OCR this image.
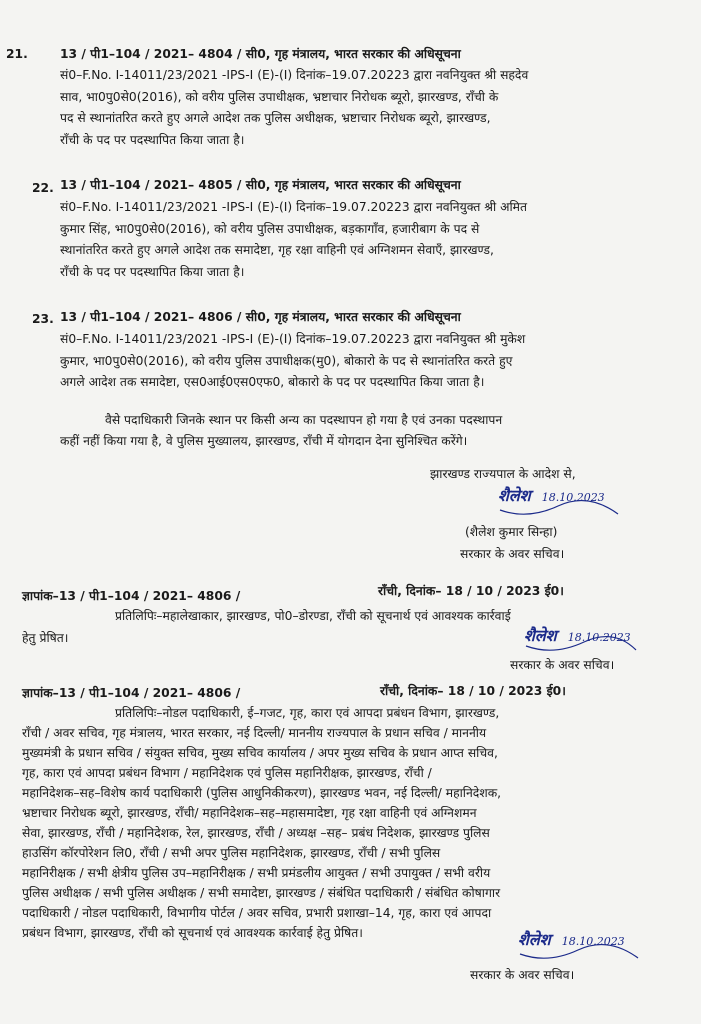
21.	13 / पी1–104 / 2021– 4804 / सी0, गृह मंत्रालय, भारत सरकार की अधिसूचना
सं0–F.No. I-14011/23/2021 -IPS-I (E)-(I) दिनांक–19.07.20223 द्वारा नवनियुक्त श्री सहदेव
साव, भा0पु0से0(2016), को वरीय पुलिस उपाधीक्षक, भ्रष्टाचार निरोधक ब्यूरो, झारखण्ड, राँची के
पद से स्थानांतरित करते हुए अगले आदेश तक पुलिस अधीक्षक, भ्रष्टाचार निरोधक ब्यूरो, झारखण्ड,
राँची के पद पर पदस्थापित किया जाता है।
22. 13 / पी1–104 / 2021– 4805 / सी0, गृह मंत्रालय, भारत सरकार की अधिसूचना
सं0–F.No. I-14011/23/2021 -IPS-I (E)-(I) दिनांक–19.07.20223 द्वारा नवनियुक्त श्री अमित
कुमार सिंह, भा0पु0से0(2016), को वरीय पुलिस उपाधीक्षक, बड़कागाँव, हजारीबाग के पद से
स्थानांतरित करते हुए अगले आदेश तक समादेष्टा, गृह रक्षा वाहिनी एवं अग्निशमन सेवाएँ, झारखण्ड,
राँची के पद पर पदस्थापित किया जाता है।
23. 13 / पी1–104 / 2021– 4806 / सी0, गृह मंत्रालय, भारत सरकार की अधिसूचना
सं0–F.No. I-14011/23/2021 -IPS-I (E)-(I) दिनांक–19.07.20223 द्वारा नवनियुक्त श्री मुकेश
कुमार, भा0पु0से0(2016), को वरीय पुलिस उपाधीक्षक(मु0), बोकारो के पद से स्थानांतरित करते हुए
अगले आदेश तक समादेष्टा, एस0आई0एस0एफ0, बोकारो के पद पर पदस्थापित किया जाता है।
वैसे पदाधिकारी जिनके स्थान पर किसी अन्य का पदस्थापन हो गया है एवं उनका पदस्थापन
कहीं नहीं किया गया है, वे पुलिस मुख्यालय, झारखण्ड, राँची में योगदान देना सुनिश्चित करेंगे।
झारखण्ड राज्यपाल के आदेश से,
शैलेश 18.10.2023
(शैलेश कुमार सिन्हा)
सरकार के अवर सचिव।
ज्ञापांक–13 / पी1–104 / 2021– 4806 /	राँची, दिनांक– 18 / 10 / 2023 ई0।
प्रतिलिपिः–महालेखाकार, झारखण्ड, पो0–डोरण्डा, राँची को सूचनार्थ एवं आवश्यक कार्रवाई
हेतु प्रेषित।	शैलेश 18.10.2023
सरकार के अवर सचिव।
ज्ञापांक–13 / पी1–104 / 2021– 4806 /	राँची, दिनांक– 18 / 10 / 2023 ई0।
प्रतिलिपिः–नोडल पदाधिकारी, ई–गजट, गृह, कारा एवं आपदा प्रबंधन विभाग, झारखण्ड,
राँची / अवर सचिव, गृह मंत्रालय, भारत सरकार, नई दिल्ली/ माननीय राज्यपाल के प्रधान सचिव / माननीय
मुख्यमंत्री के प्रधान सचिव / संयुक्त सचिव, मुख्य सचिव कार्यालय / अपर मुख्य सचिव के प्रधान आप्त सचिव,
गृह, कारा एवं आपदा प्रबंधन विभाग / महानिदेशक एवं पुलिस महानिरीक्षक, झारखण्ड, राँची /
महानिदेशक–सह–विशेष कार्य पदाधिकारी (पुलिस आधुनिकीकरण), झारखण्ड भवन, नई दिल्ली/ महानिदेशक,
भ्रष्टाचार निरोधक ब्यूरो, झारखण्ड, राँची/ महानिदेशक–सह–महासमादेष्टा, गृह रक्षा वाहिनी एवं अग्निशमन
सेवा, झारखण्ड, राँची / महानिदेशक, रेल, झारखण्ड, राँची / अध्यक्ष –सह– प्रबंध निदेशक, झारखण्ड पुलिस
हाउसिंग कॉरपोरेशन लि0, राँची / सभी अपर पुलिस महानिदेशक, झारखण्ड, राँची / सभी पुलिस
महानिरीक्षक / सभी क्षेत्रीय पुलिस उप–महानिरीक्षक / सभी प्रमंडलीय आयुक्त / सभी उपायुक्त / सभी वरीय
पुलिस अधीक्षक / सभी पुलिस अधीक्षक / सभी समादेष्टा, झारखण्ड / संबंधित पदाधिकारी / संबंधित कोषागार
पदाधिकारी / नोडल पदाधिकारी, विभागीय पोर्टल / अवर सचिव, प्रभारी प्रशाखा–14, गृह, कारा एवं आपदा
प्रबंधन विभाग, झारखण्ड, राँची को सूचनार्थ एवं आवश्यक कार्रवाई हेतु प्रेषित।	शैलेश 18.10.2023
सरकार के अवर सचिव।
